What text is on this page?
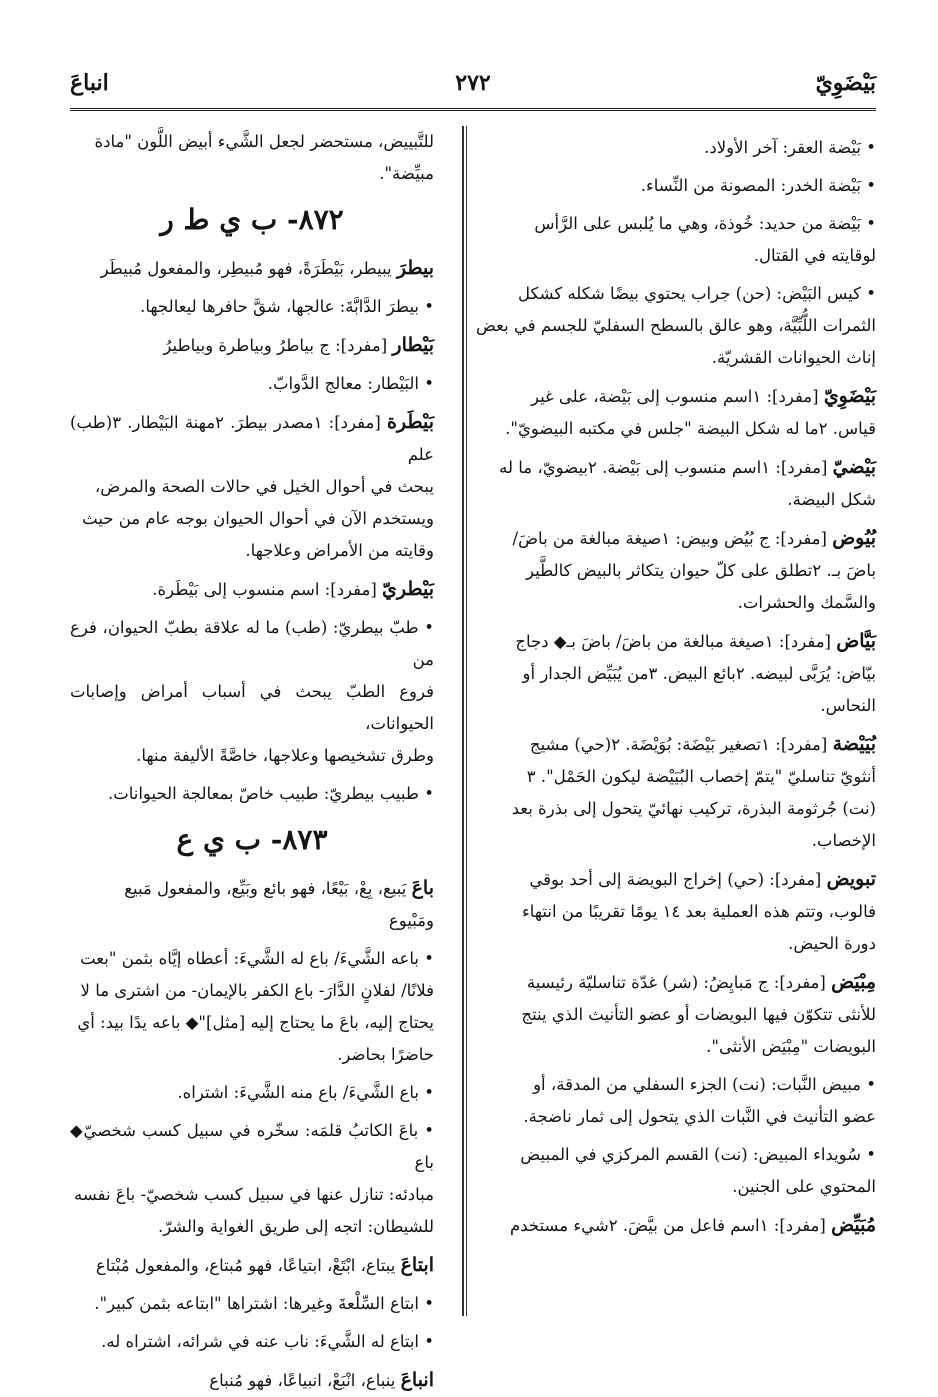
بَيْضَوِيّ
٢٧٢
انباعَ

• بَيْضة العقر: آخر الأولاد.

• بَيْضة الخدر: المصونة من النِّساء.

• بَيْضة من حديد: خُوذة، وهي ما يُلبس على الرَّأس

لوقايته في القتال.

• كيس البَيْض: (حن) جراب يحتوي بيضًا شكله كشكل

الثمرات اللُّبِّيَّة، وهو عالق بالسطح السفليّ للجسم في بعض

إناث الحيوانات القشريّة.

بَيْضَوِيّ [مفرد]: ١اسم منسوب إلى بَيْضة، على غير

قياس. ٢ما له شكل البيضة "جلس في مكتبه البيضويّ".

بَيْضيّ [مفرد]: ١اسم منسوب إلى بَيْضة. ٢بيضويّ، ما له

شكل البيضة.

بُيُوض [مفرد]: ج بُيُض وبيض: ١صيغة مبالغة من باضَ/

باضَ بـ. ٢تطلق على كلّ حيوان يتكاثر بالبيض كالطَّير

والسَّمك والحشرات.

بَيَّاض [مفرد]: ١صيغة مبالغة من باضَ/ باضَ بـ◆ دجاج

بيّاض: يُرَبَّى لبيضه. ٢بائع البيض. ٣من يُبَيِّض الجدار أو

النحاس.

بُيَيْضة [مفرد]: ١تصغير بَيْضَة: بُوَيْضَة. ٢(حي) مشيج

أنثويّ تناسليّ "يتمّ إخصاب البُيَيْضة ليكون الحَمْل". ٣

(نت) جُرثومة البذرة، تركيب نهائيّ يتحول إلى بذرة بعد

الإخصاب.

تبويض [مفرد]: (حي) إخراج البويضة إلى أحد بوقي

فالوب، وتتم هذه العملية بعد ١٤ يومًا تقريبًا من انتهاء

دورة الحيض.

مِبْيَض [مفرد]: ج مَبايِضُ: (شر) غدّة تناسليّة رئيسية

للأنثى تتكوّن فيها البويضات أو عضو التأنيث الذي ينتج

البويضات "مِبْيَض الأنثى".

• مبيض النَّبات: (نت) الجزء السفلي من المدقة، أو

عضو التأنيث في النَّبات الذي يتحول إلى ثمار ناضجة.

• سُويداء المبيض: (نت) القسم المركزي في المبيض

المحتوي على الجنين.

مُبَيِّض [مفرد]: ١اسم فاعل من بيَّضَ. ٢شيء مستخدم

للتَّبييض، مستحضر لجعل الشَّيء أبيض اللَّون "مادة

مبيِّضة".

٨٧٢- ب ي ط ر

بيطرَ يبيطر، بَيْطَرَةً، فهو مُبيطِر، والمفعول مُبيطَر

• بيطرَ الدَّابَّةَ: عالجها، شقَّ حافرها ليعالجها.

بَيْطار [مفرد]: ج بياطرُ وبياطرة وبياطيرُ

• البَيْطار: معالج الدَّوابّ.

بَيْطَرة [مفرد]: ١مصدر بيطرَ. ٢مهنة البَيْطار. ٣(طب) علم

يبحث في أحوال الخيل في حالات الصحة والمرض،

ويستخدم الآن في أحوال الحيوان بوجه عام من حيث

وقايته من الأمراض وعلاجها.

بَيْطريّ [مفرد]: اسم منسوب إلى بَيْطَرة.

• طبّ بيطريّ: (طب) ما له علاقة بطبّ الحيوان، فرع من

فروع الطبّ يبحث في أسباب أمراض وإصابات الحيوانات،

وطرق تشخيصها وعلاجها، خاصَّةً الأليفة منها.

• طبيب بيطريّ: طبيب خاصّ بمعالجة الحيوانات.

٨٧٣- ب ي ع

باعَ يَبيع، بِعْ، بَيْعًا، فهو بائع وبَيِّع، والمفعول مَبيع

ومَبْيوع

• باعه الشَّيءَ/ باع له الشَّيءَ: أعطاه إيَّاه بثمن "بعت

فلانًا/ لفلانٍ الدَّارَ- باع الكفر بالإيمان- من اشترى ما لا

يحتاج إليه، باعَ ما يحتاج إليه [مثل]"◆ باعه يدًا بيد: أي

حاضرًا بحاضر.

• باع الشَّيءَ/ باع منه الشَّيءَ: اشتراه.

• باعَ الكاتبُ قلمَه: سخّره في سبيل كسب شخصيّ◆ باع

مبادئه: تنازل عنها في سبيل كسب شخصيّ- باعَ نفسه

للشيطان: اتجه إلى طريق الغواية والشرّ.

ابتاعَ يبتاع، ابْتَعْ، ابتياعًا، فهو مُبتاع، والمفعول مُبْتاع

• ابتاع السِّلْعةَ وغيرها: اشتراها "ابتاعه بثمن كبير".

• ابتاع له الشَّيءَ: ناب عنه في شرائه، اشتراه له.

انباعَ ينباع، انْبَعْ، انبياعًا، فهو مُنباع
